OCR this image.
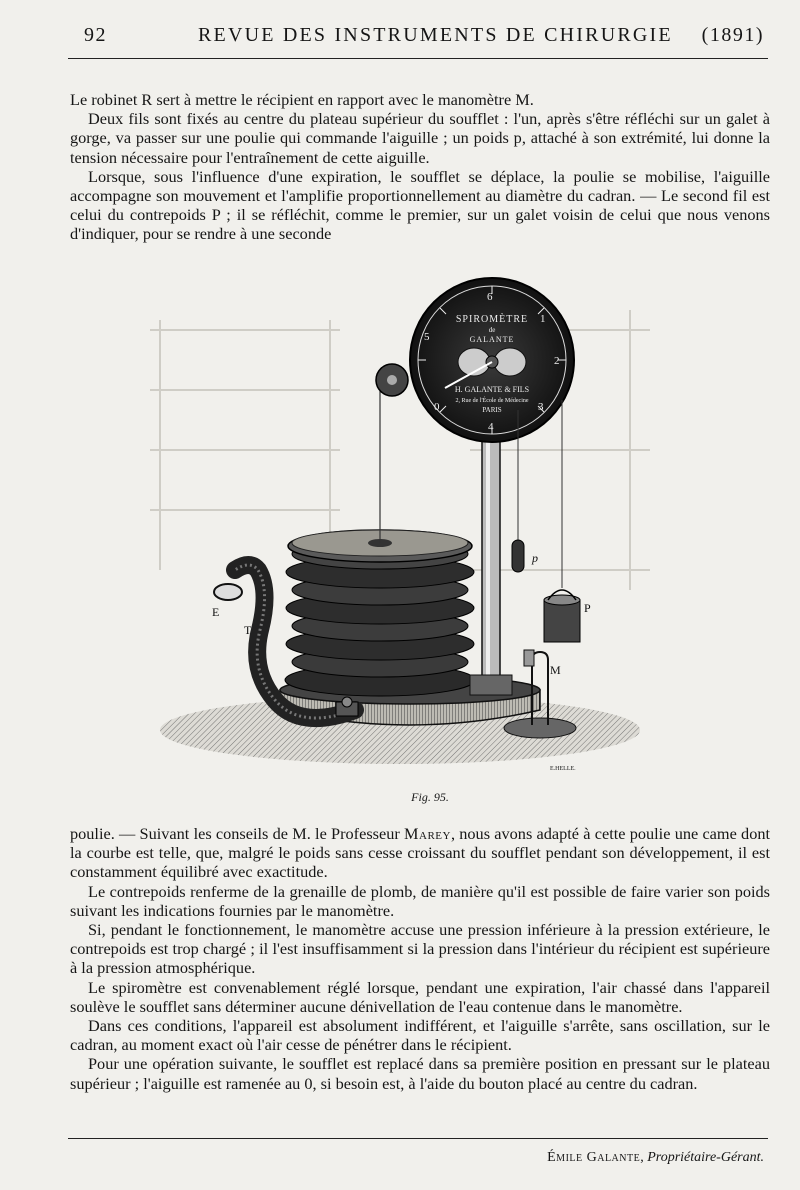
92	REVUE DES INSTRUMENTS DE CHIRURGIE (1891)

Le robinet R sert à mettre le récipient en rapport avec le manomètre M.

Deux fils sont fixés au centre du plateau supérieur du soufflet : l'un, après s'être réfléchi sur un galet à gorge, va passer sur une poulie qui commande l'aiguille ; un poids p, attaché à son extrémité, lui donne la tension nécessaire pour l'entraînement de cette aiguille.

Lorsque, sous l'influence d'une expiration, le soufflet se déplace, la poulie se mobilise, l'aiguille accompagne son mouvement et l'amplifie proportionnellement au diamètre du cadran. — Le second fil est celui du contrepoids P ; il se réfléchit, comme le premier, sur un galet voisin de celui que nous venons d'indiquer, pour se rendre à une seconde

6
1
2
3
4
0
5
SPIROMÈTRE
de
GALANTE
H. GALANTE & FILS
2, Rue de l'École de Médecine
PARIS
E
T
p
P
M
E.HELLE.
Fig. 95.

poulie. — Suivant les conseils de M. le Professeur Marey, nous avons adapté à cette poulie une came dont la courbe est telle, que, malgré le poids sans cesse croissant du soufflet pendant son développement, il est constamment équilibré avec exactitude.

Le contrepoids renferme de la grenaille de plomb, de manière qu'il est possible de faire varier son poids suivant les indications fournies par le manomètre.

Si, pendant le fonctionnement, le manomètre accuse une pression inférieure à la pression extérieure, le contrepoids est trop chargé ; il l'est insuffisamment si la pression dans l'intérieur du récipient est supérieure à la pression atmosphérique.

Le spiromètre est convenablement réglé lorsque, pendant une expiration, l'air chassé dans l'appareil soulève le soufflet sans déterminer aucune dénivellation de l'eau contenue dans le manomètre.

Dans ces conditions, l'appareil est absolument indifférent, et l'aiguille s'arrête, sans oscillation, sur le cadran, au moment exact où l'air cesse de pénétrer dans le récipient.

Pour une opération suivante, le soufflet est replacé dans sa première position en pressant sur le plateau supérieur ; l'aiguille est ramenée au 0, si besoin est, à l'aide du bouton placé au centre du cadran.

Émile Galante, Propriétaire-Gérant.
